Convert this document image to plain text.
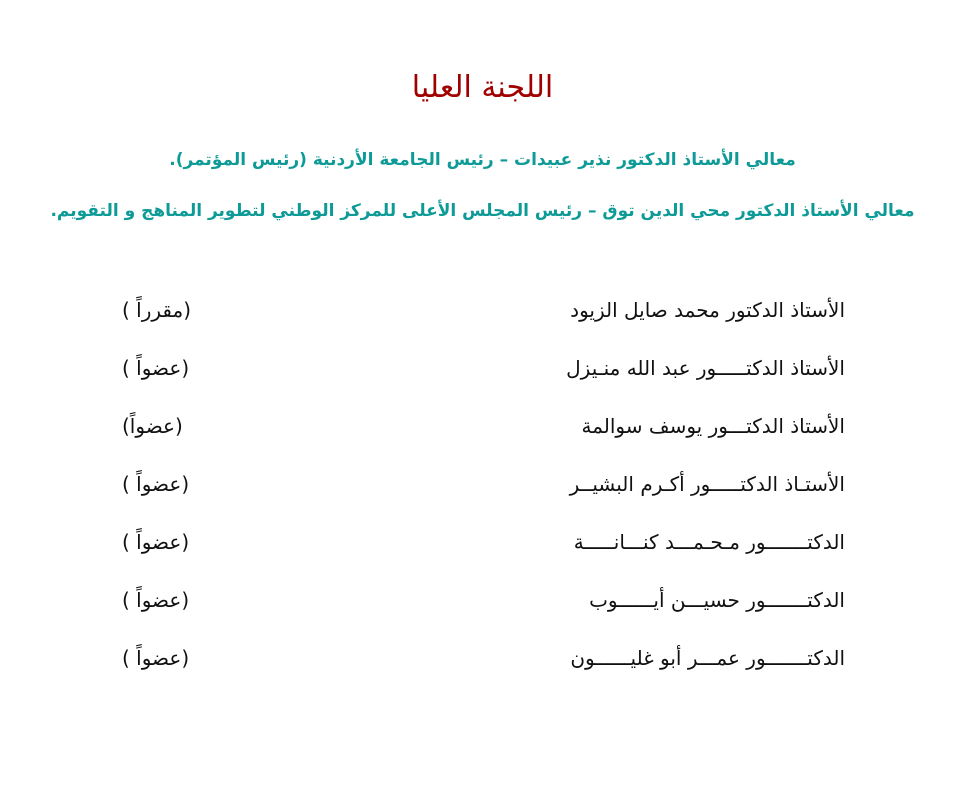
اللجنة العليا
معالي الأستاذ الدكتور نذير عبيدات – رئيس الجامعة الأردنية (رئيس المؤتمر).
معالي الأستاذ الدكتور محي الدين توق – رئيس المجلس الأعلى للمركز الوطني لتطوير المناهج و التقويم.
الأستاذ الدكتور محمد صايل الزيود
(مقرراً )
الأستاذ الدكتـــــور عبد الله منـيزل
(عضواً )
الأستاذ الدكتـــور يوسف سوالمة
(عضواً)
الأستـاذ الدكتـــــور أكـرم البشيــر
(عضواً )
الدكتـــــــور مـحـمـــد كنـــانـــــة
(عضواً )
الدكتـــــــور حسيـــن أيــــــوب
(عضواً )
الدكتـــــــور عمـــر أبو غليــــــون
(عضواً )
